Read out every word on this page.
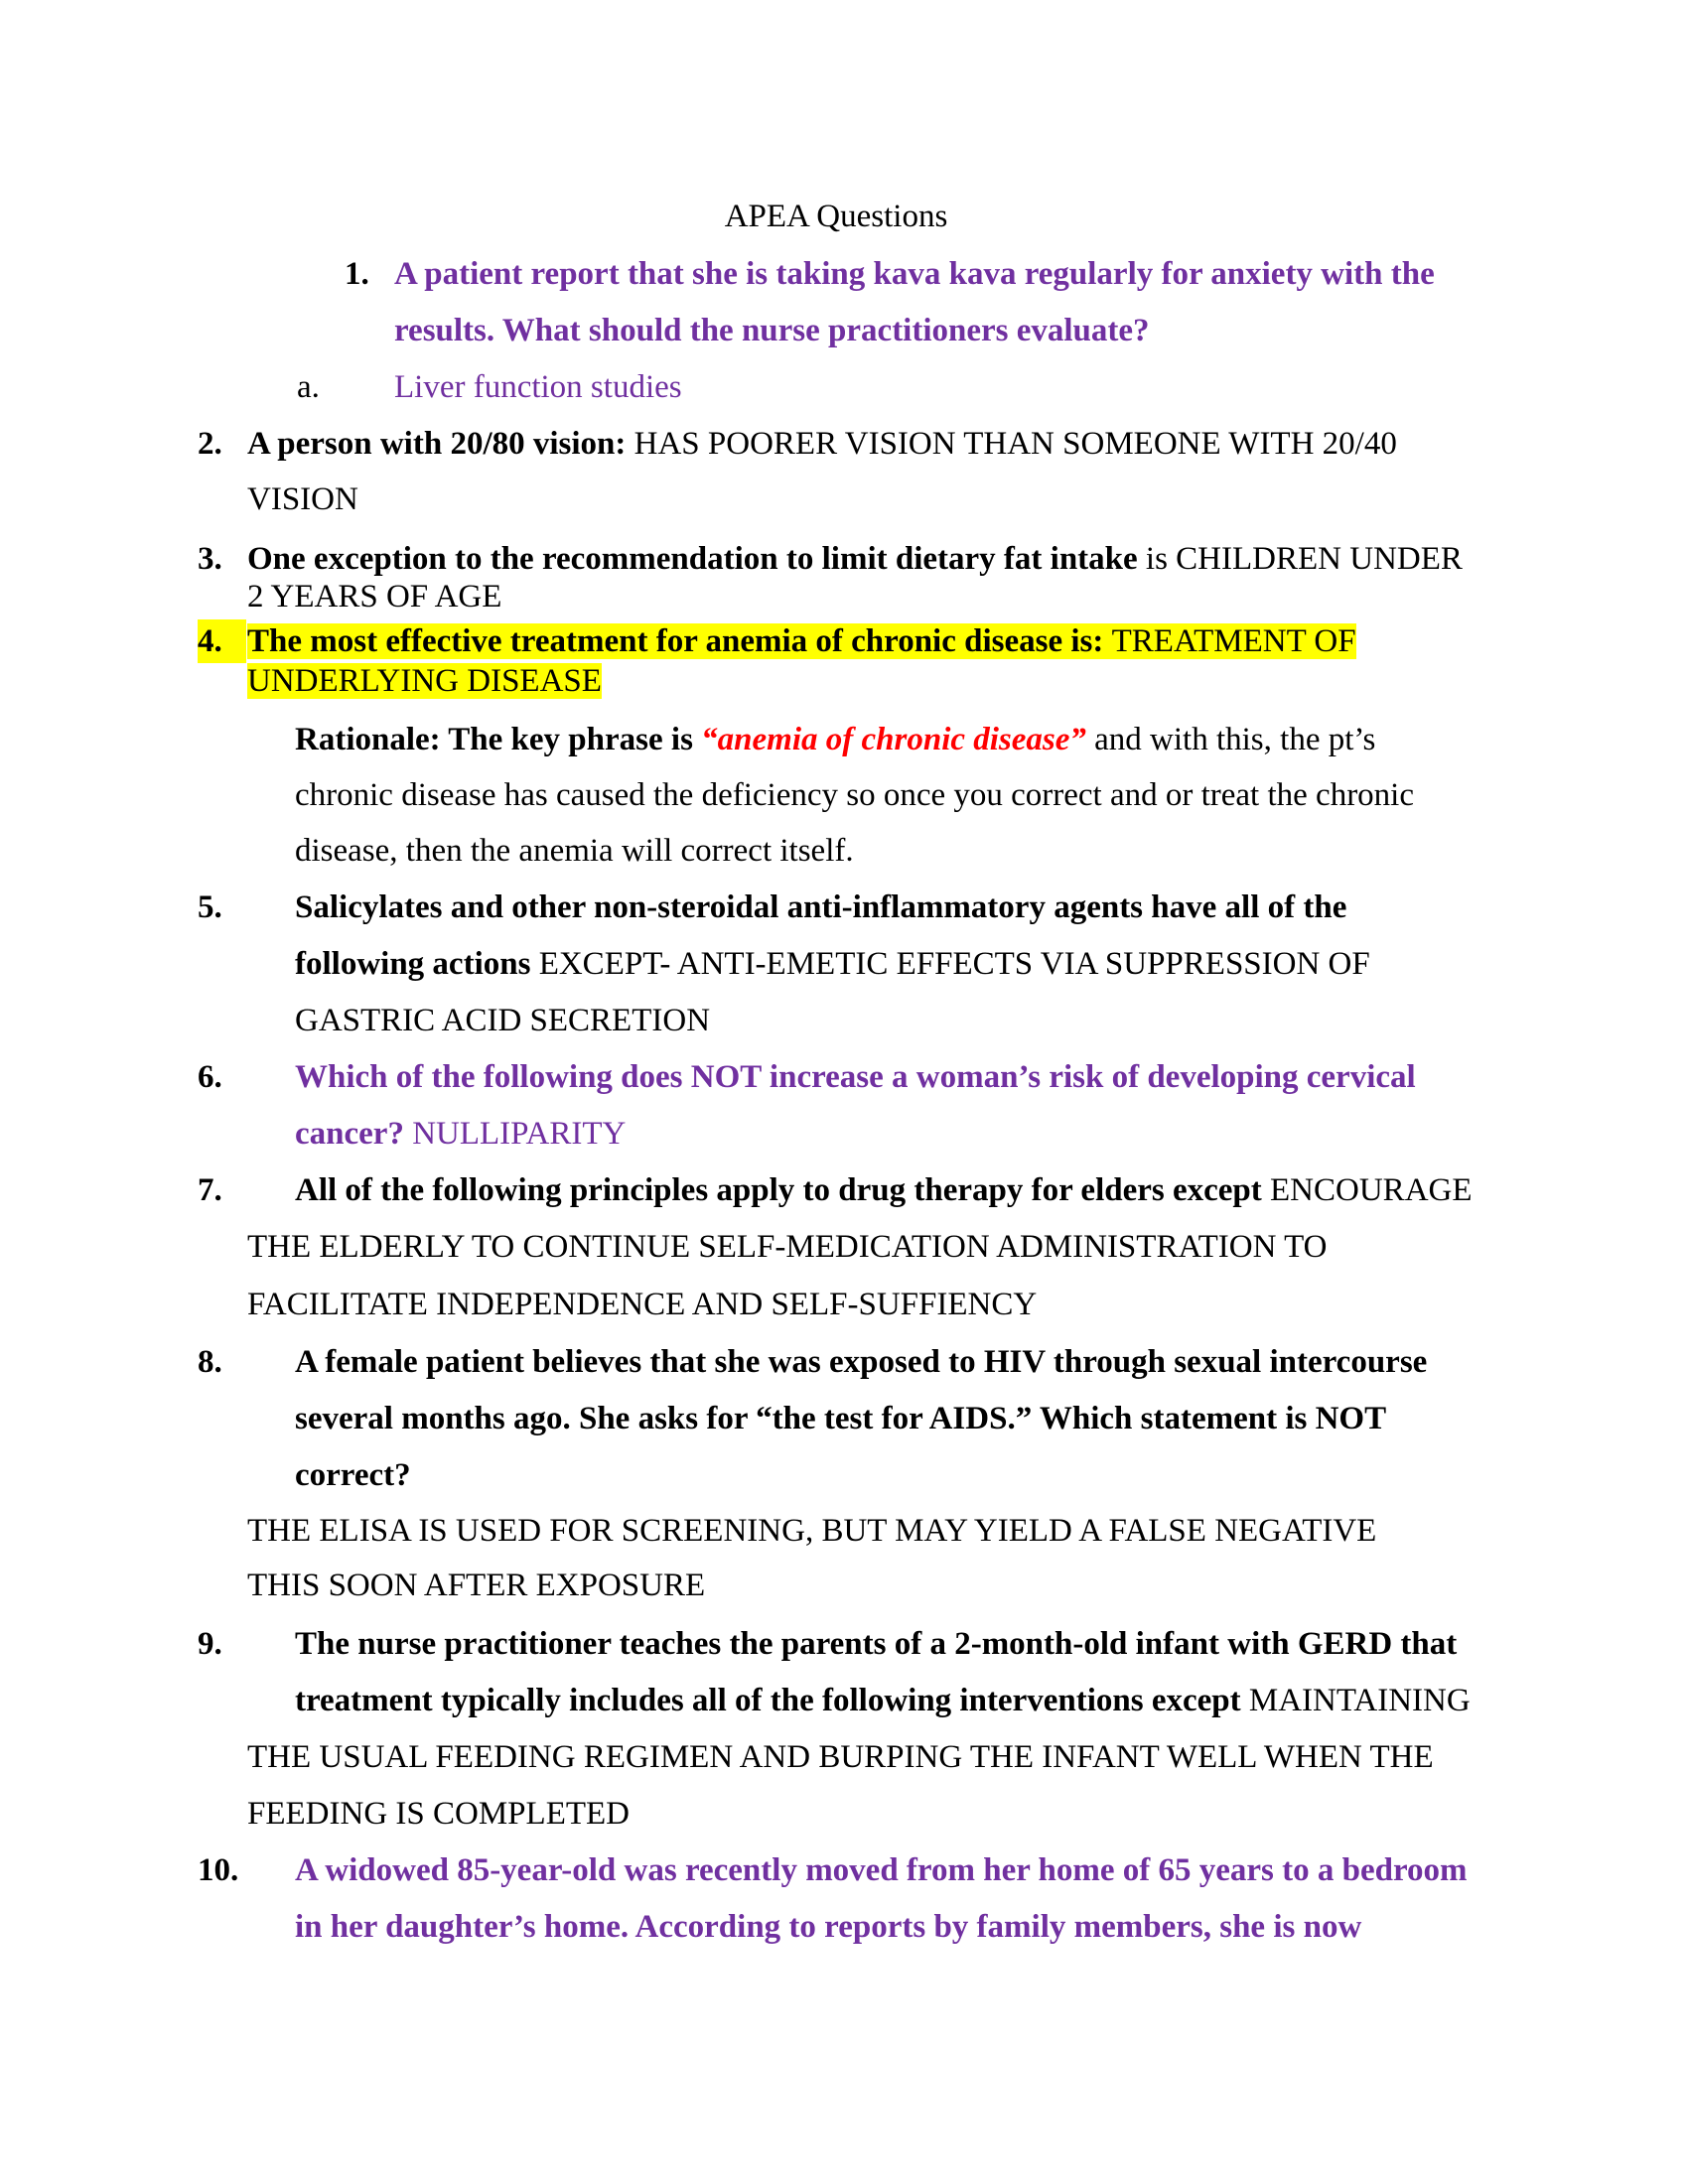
APEA Questions
1. A patient report that she is taking kava kava regularly for anxiety with the
results. What should the nurse practitioners evaluate?
a. Liver function studies
2. A person with 20/80 vision: HAS POORER VISION THAN SOMEONE WITH 20/40
VISION
3. One exception to the recommendation to limit dietary fat intake is CHILDREN UNDER
2 YEARS OF AGE
4. The most effective treatment for anemia of chronic disease is: TREATMENT OF
UNDERLYING DISEASE
Rationale: The key phrase is “anemia of chronic disease” and with this, the pt’s
chronic disease has caused the deficiency so once you correct and or treat the chronic
disease, then the anemia will correct itself.
5. Salicylates and other non-steroidal anti-inflammatory agents have all of the
following actions EXCEPT- ANTI-EMETIC EFFECTS VIA SUPPRESSION OF
GASTRIC ACID SECRETION
6. Which of the following does NOT increase a woman’s risk of developing cervical
cancer? NULLIPARITY
7. All of the following principles apply to drug therapy for elders except ENCOURAGE
THE ELDERLY TO CONTINUE SELF-MEDICATION ADMINISTRATION TO
FACILITATE INDEPENDENCE AND SELF-SUFFIENCY
8. A female patient believes that she was exposed to HIV through sexual intercourse
several months ago. She asks for “the test for AIDS.” Which statement is NOT
correct?
THE ELISA IS USED FOR SCREENING, BUT MAY YIELD A FALSE NEGATIVE
THIS SOON AFTER EXPOSURE
9. The nurse practitioner teaches the parents of a 2-month-old infant with GERD that
treatment typically includes all of the following interventions except MAINTAINING
THE USUAL FEEDING REGIMEN AND BURPING THE INFANT WELL WHEN THE
FEEDING IS COMPLETED
10. A widowed 85-year-old was recently moved from her home of 65 years to a bedroom
in her daughter’s home. According to reports by family members, she is now
